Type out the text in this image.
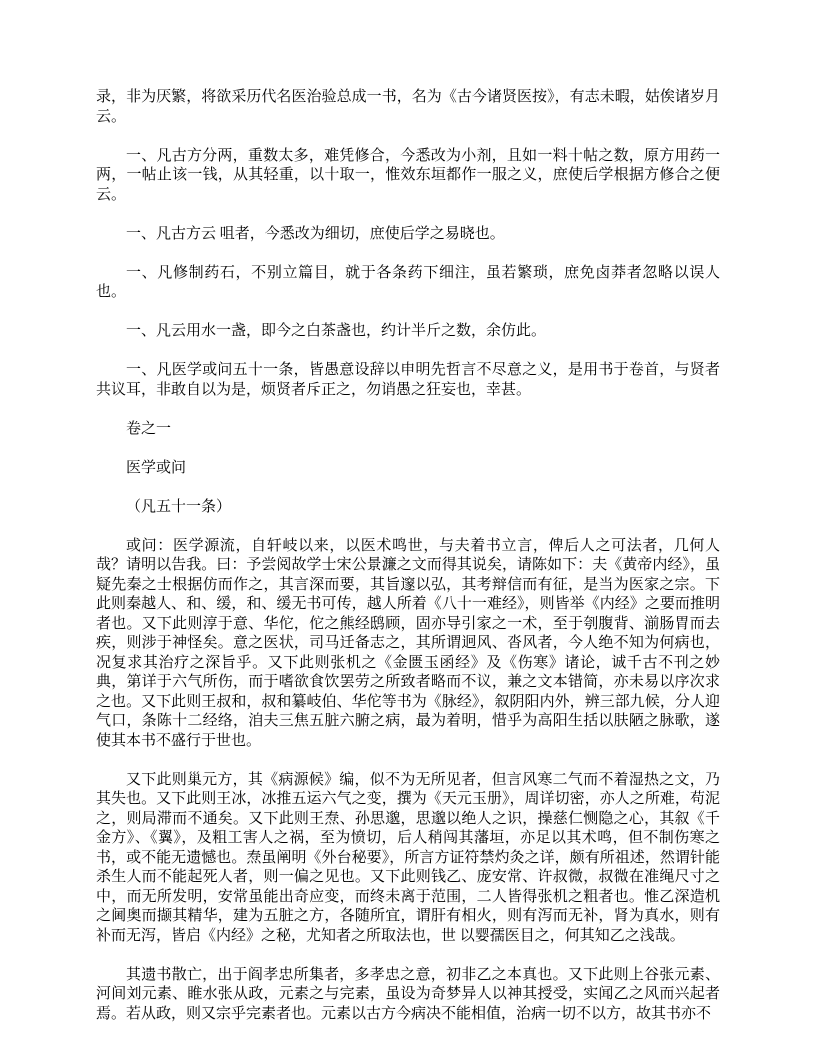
录，非为厌繁，将欲采历代名医治验总成一书，名为《古今诸贤医按》，有志未暇，姑俟诸岁月云。

一、凡古方分两，重数太多，难凭修合，今悉改为小剂，且如一料十帖之数，原方用药一两，一帖止该一钱，从其轻重，以十取一，惟效东垣都作一服之义，庶使后学根据方修合之便云。

一、凡古方云 咀者，今悉改为细切，庶使后学之易晓也。

一、凡修制药石，不别立篇目，就于各条药下细注，虽若繁琐，庶免卤莽者忽略以误人也。

一、凡云用水一盏，即今之白茶盏也，约计半斤之数，余仿此。

一、凡医学或问五十一条，皆愚意设辞以申明先哲言不尽意之义，是用书于卷首，与贤者共议耳，非敢自以为是，烦贤者斥正之，勿诮愚之狂妄也，幸甚。

卷之一

医学或问

（凡五十一条）

或问：医学源流，自轩岐以来，以医术鸣世，与夫着书立言，俾后人之可法者，几何人哉？请明以告我。曰：予尝阅故学士宋公景濂之文而得其说矣，请陈如下：夫《黄帝内经》，虽疑先秦之士根据仿而作之，其言深而要，其旨邃以弘，其考辩信而有征，是当为医家之宗。下此则秦越人、和、缓，和、缓无书可传，越人所着《八十一难经》，则皆举《内经》之要而推明者也。又下此则淳于意、华佗，佗之熊经鸱顾，固亦导引家之一术，至于刳腹背、湔肠胃而去疾，则涉于神怪矣。意之医状，司马迁备志之，其所谓迥风、沓风者，今人绝不知为何病也，况复求其治疗之深旨乎。又下此则张机之《金匮玉函经》及《伤寒》诸论，诚千古不刊之妙典，第详于六气所伤，而于嗜欲食饮罢劳之所致者略而不议，兼之文本错简，亦未易以序次求之也。又下此则王叔和，叔和纂岐伯、华佗等书为《脉经》，叙阴阳内外，辨三部九候，分人迎气口，条陈十二经络，洎夫三焦五脏六腑之病，最为着明，惜乎为高阳生括以肤陋之脉歌，遂使其本书不盛行于世也。

又下此则巢元方，其《病源候》编，似不为无所见者，但言风寒二气而不着湿热之文，乃其失也。又下此则王冰，冰推五运六气之变，撰为《天元玉册》，周详切密，亦人之所难，苟泥之，则局滞而不通矣。又下此则王焘、孙思邈，思邈以绝人之识，操慈仁恻隐之心，其叙《千金方》、《翼》，及粗工害人之祸，至为愤切，后人稍闯其藩垣，亦足以其术鸣，但不制伤寒之书，或不能无遗憾也。焘虽阐明《外台秘要》，所言方证符禁灼灸之详，颇有所祖述，然谓针能杀生人而不能起死人者，则一偏之见也。又下此则钱乙、庞安常、许叔微，叔微在准绳尺寸之中，而无所发明，安常虽能出奇应变，而终未离于范围，二人皆得张机之粗者也。惟乙深造机之阃奥而撷其精华，建为五脏之方，各随所宜，谓肝有相火，则有泻而无补，肾为真水，则有补而无泻，皆启《内经》之秘，尤知者之所取法也，世 以婴孺医目之，何其知乙之浅哉。

其遗书散亡，出于阎孝忠所集者，多孝忠之意，初非乙之本真也。又下此则上谷张元素、河间刘元素、睢水张从政，元素之与完素，虽设为奇梦异人以神其授受，实闻乙之风而兴起者焉。若从政，则又宗乎完素者也。元素以古方今病决不能相值，治病一切不以方，故其书亦不
